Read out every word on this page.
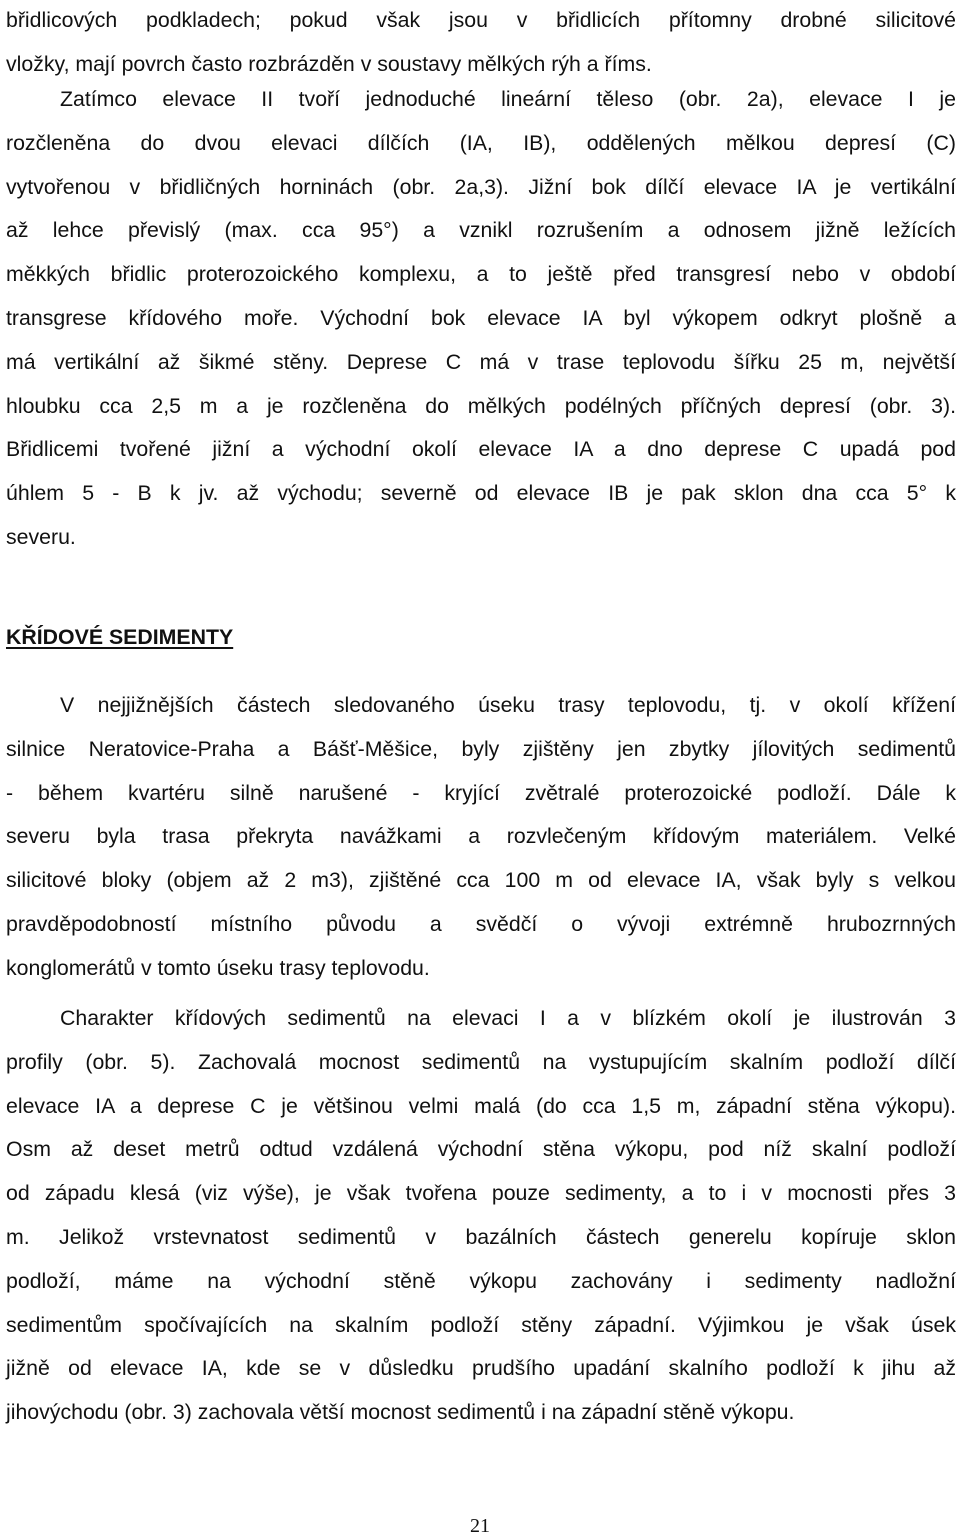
břidlicových podkladech; pokud však jsou v břidlicích přítomny drobné silicitové
vložky, mají povrch často rozbrázděn v soustavy mělkých rýh a říms.
Zatímco elevace II tvoří jednoduché lineární těleso (obr. 2a), elevace I je
rozčleněna do dvou elevaci dílčích (IA, IB), oddělených mělkou depresí (C)
vytvořenou v břidličných horninách (obr. 2a,3). Jižní bok dílčí elevace IA je vertikální
až lehce převislý (max. cca 95°) a vznikl rozrušením a odnosem jižně ležících
měkkých břidlic proterozoického komplexu, a to ještě před transgresí nebo v období
transgrese křídového moře. Východní bok elevace IA byl výkopem odkryt plošně a
má vertikální až šikmé stěny. Deprese C má v trase teplovodu šířku 25 m, největší
hloubku cca 2,5 m a je rozčleněna do mělkých podélných příčných depresí (obr. 3).
Břidlicemi tvořené jižní a východní okolí elevace IA a dno deprese C upadá pod
úhlem 5 - B k jv. až východu; severně od elevace IB je pak sklon dna cca 5° k
severu.
KŘÍDOVÉ SEDIMENTY
V nejjižnějších částech sledovaného úseku trasy teplovodu, tj. v okolí křížení
silnice Neratovice-Praha a Bášť-Měšice, byly zjištěny jen zbytky jílovitých sedimentů
- během kvartéru silně narušené - kryjící zvětralé proterozoické podloží. Dále k
severu byla trasa překryta navážkami a rozvlečeným křídovým materiálem. Velké
silicitové bloky (objem až 2 m3), zjištěné cca 100 m od elevace IA, však byly s velkou
pravděpodobností místního původu a svědčí o vývoji extrémně hrubozrnných
konglomerátů v tomto úseku trasy teplovodu.
Charakter křídových sedimentů na elevaci I a v blízkém okolí je ilustrován 3
profily (obr. 5). Zachovalá mocnost sedimentů na vystupujícím skalním podloží dílčí
elevace IA a deprese C je většinou velmi malá (do cca 1,5 m, západní stěna výkopu).
Osm až deset metrů odtud vzdálená východní stěna výkopu, pod níž skalní podloží
od západu klesá (viz výše), je však tvořena pouze sedimenty, a to i v mocnosti přes 3
m. Jelikož vrstevnatost sedimentů v bazálních částech generelu kopíruje sklon
podloží, máme na východní stěně výkopu zachovány i sedimenty nadložní
sedimentům spočívajících na skalním podloží stěny západní. Výjimkou je však úsek
jižně od elevace IA, kde se v důsledku prudšího upadání skalního podloží k jihu až
jihovýchodu (obr. 3) zachovala větší mocnost sedimentů i na západní stěně výkopu.
21
